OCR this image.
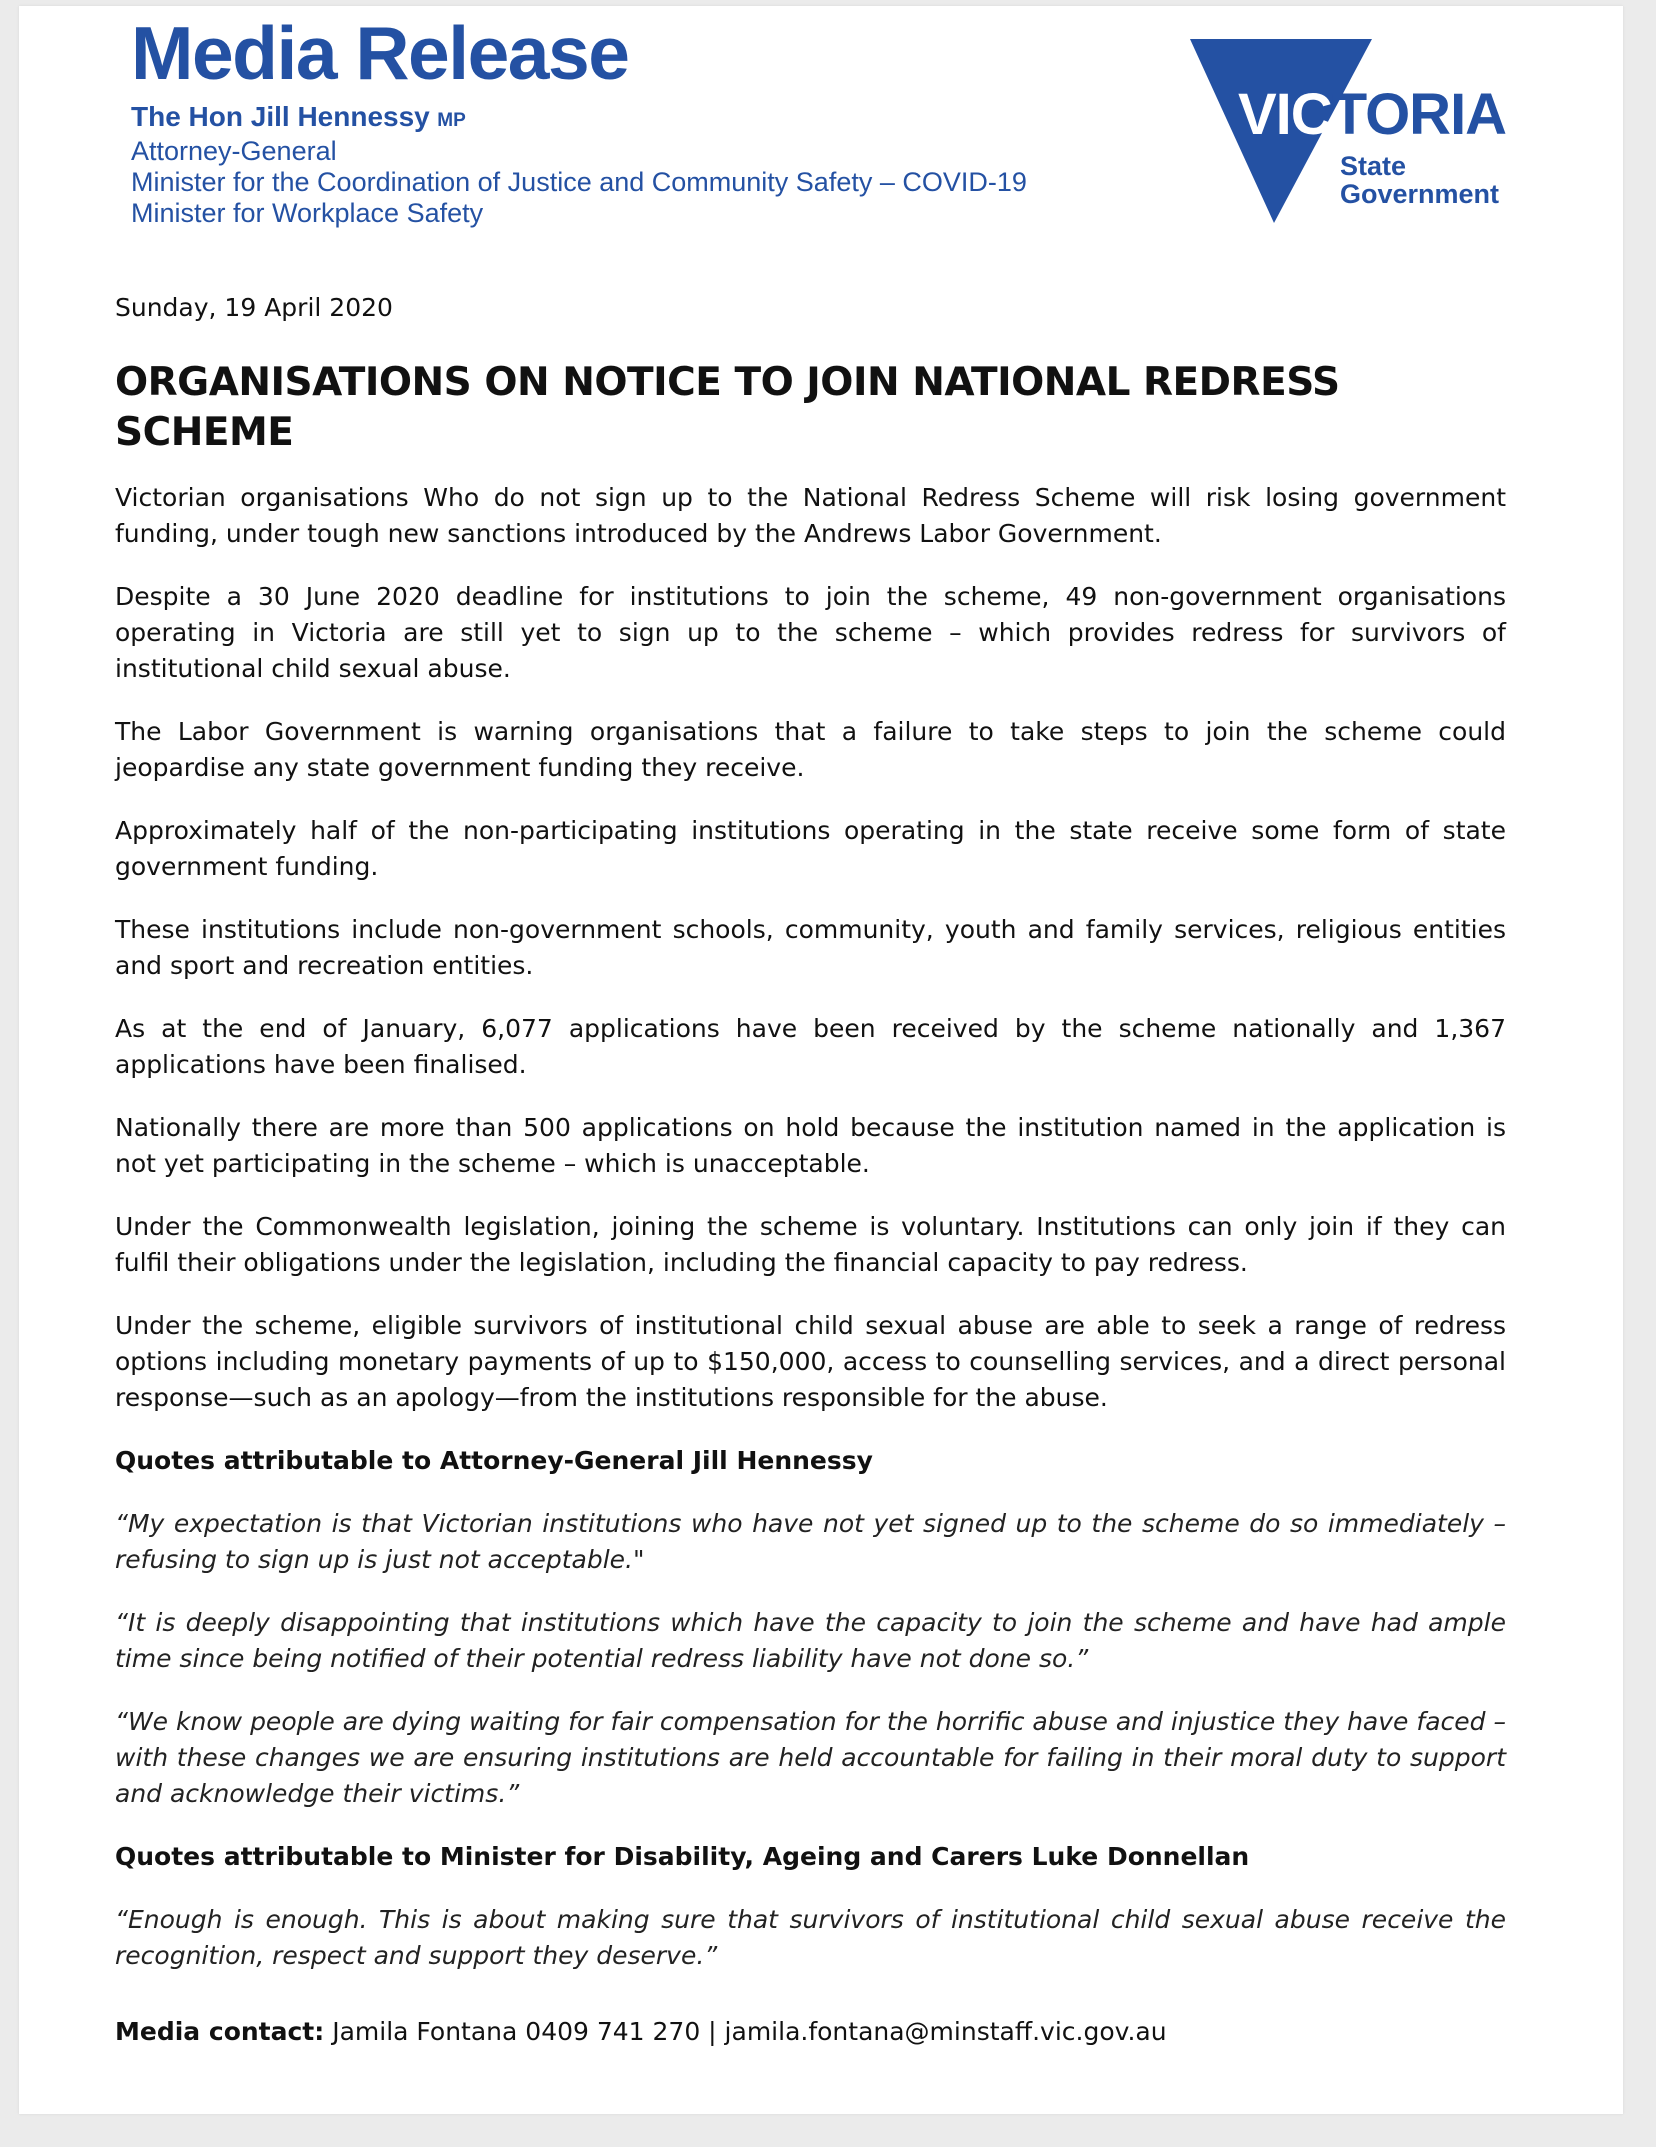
Media Release
The Hon Jill Hennessy MP
Attorney-General
Minister for the Coordination of Justice and Community Safety – COVID-19
Minister for Workplace Safety
VICTORIA
State
Government

Sunday, 19 April 2020

ORGANISATIONS ON NOTICE TO JOIN NATIONAL REDRESS SCHEME

Victorian organisations Who do not sign up to the National Redress Scheme will risk losing government funding, under tough new sanctions introduced by the Andrews Labor Government.

Despite a 30 June 2020 deadline for institutions to join the scheme, 49 non-government organisations operating in Victoria are still yet to sign up to the scheme – which provides redress for survivors of institutional child sexual abuse.

The Labor Government is warning organisations that a failure to take steps to join the scheme could jeopardise any state government funding they receive.

Approximately half of the non-participating institutions operating in the state receive some form of state government funding.

These institutions include non-government schools, community, youth and family services, religious entities and sport and recreation entities.

As at the end of January, 6,077 applications have been received by the scheme nationally and 1,367 applications have been finalised.

Nationally there are more than 500 applications on hold because the institution named in the application is not yet participating in the scheme – which is unacceptable.

Under the Commonwealth legislation, joining the scheme is voluntary. Institutions can only join if they can fulfil their obligations under the legislation, including the financial capacity to pay redress.

Under the scheme, eligible survivors of institutional child sexual abuse are able to seek a range of redress options including monetary payments of up to $150,000, access to counselling services, and a direct personal response—such as an apology—from the institutions responsible for the abuse.

Quotes attributable to Attorney-General Jill Hennessy

“My expectation is that Victorian institutions who have not yet signed up to the scheme do so immediately – refusing to sign up is just not acceptable."

“It is deeply disappointing that institutions which have the capacity to join the scheme and have had ample time since being notified of their potential redress liability have not done so.”

“We know people are dying waiting for fair compensation for the horrific abuse and injustice they have faced – with these changes we are ensuring institutions are held accountable for failing in their moral duty to support and acknowledge their victims.”

Quotes attributable to Minister for Disability, Ageing and Carers Luke Donnellan

“Enough is enough. This is about making sure that survivors of institutional child sexual abuse receive the recognition, respect and support they deserve.”

Media contact: Jamila Fontana 0409 741 270 | jamila.fontana@minstaff.vic.gov.au
